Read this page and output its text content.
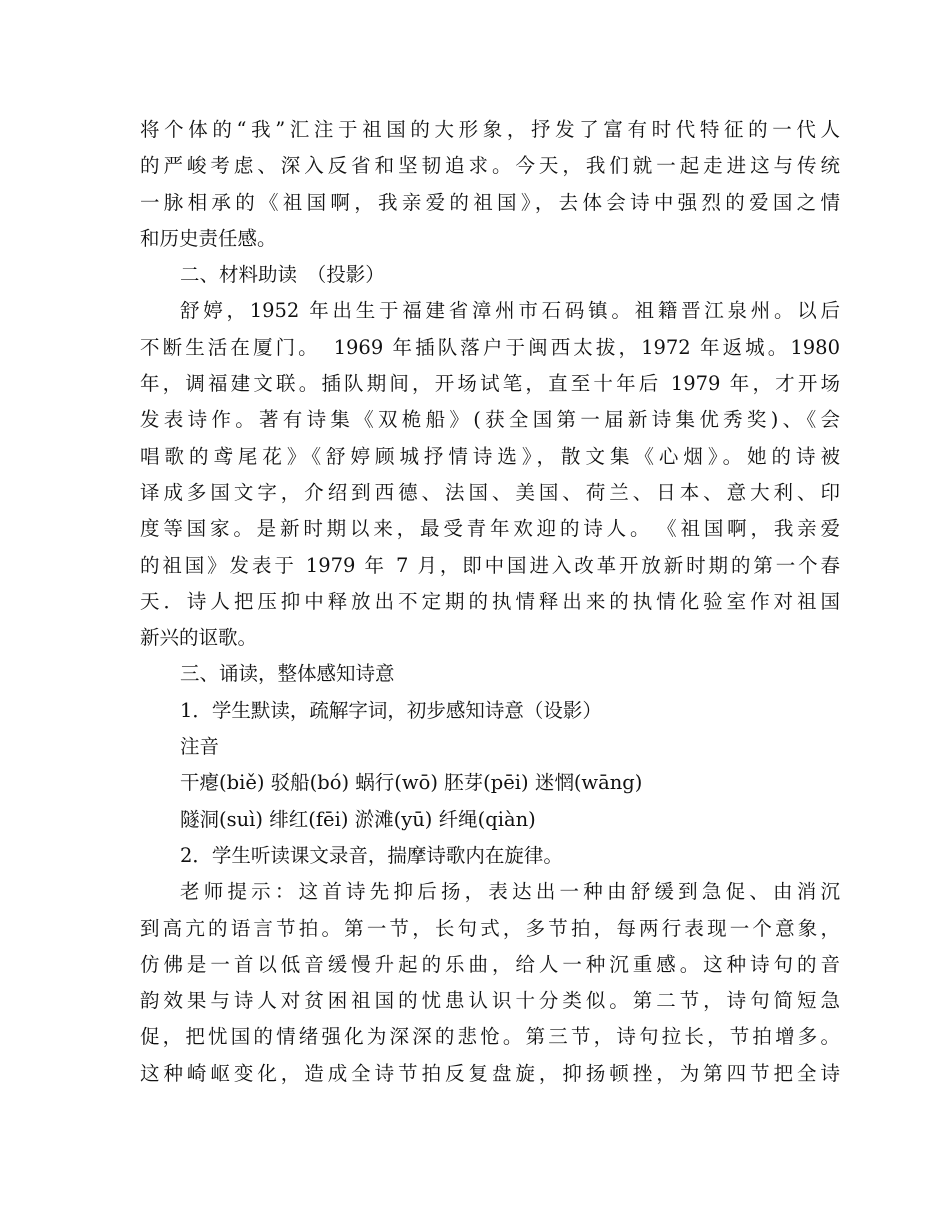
将个体的“我”汇注于祖国的大形象，抒发了富有时代特征的一代人
的严峻考虑、深入反省和坚韧追求。今天，我们就一起走进这与传统
一脉相承的《祖国啊，我亲爱的祖国》，去体会诗中强烈的爱国之情
和历史责任感。
二、材料助读　（投影）
舒婷，1952 年出生于福建省漳州市石码镇。祖籍晋江泉州。以后
不断生活在厦门。　1969 年插队落户于闽西太拔，1972 年返城。1980
年，调福建文联。插队期间，开场试笔，直至十年后 1979 年，才开场
发表诗作。著有诗集《双桅船》(获全国第一届新诗集优秀奖)、《会
唱歌的鸢尾花》《舒婷顾城抒情诗选》，散文集《心烟》。她的诗被
译成多国文字，介绍到西德、法国、美国、荷兰、日本、意大利、印
度等国家。是新时期以来，最受青年欢迎的诗人。　《祖国啊，我亲爱
的祖国》发表于 1979 年 7 月，即中国进入改革开放新时期的第一个春
天．诗人把压抑中释放出不定期的执情释出来的执情化验室作对祖国
新兴的讴歌。
三、诵读，整体感知诗意
1．学生默读，疏解字词，初步感知诗意（设影）
注音
干瘪(biě) 驳船(bó) 蜗行(wō) 胚芽(pēi) 迷惘(wāng)
隧洞(suì) 绯红(fēi) 淤滩(yū) 纤绳(qiàn)
2．学生听读课文录音，揣摩诗歌内在旋律。
老师提示：这首诗先抑后扬，表达出一种由舒缓到急促、由消沉
到高亢的语言节拍。第一节，长句式，多节拍，每两行表现一个意象，
仿佛是一首以低音缓慢升起的乐曲，给人一种沉重感。这种诗句的音
韵效果与诗人对贫困祖国的忧患认识十分类似。第二节，诗句简短急
促，把忧国的情绪强化为深深的悲怆。第三节，诗句拉长，节拍增多。
这种崎岖变化，造成全诗节拍反复盘旋，抑扬顿挫，为第四节把全诗
